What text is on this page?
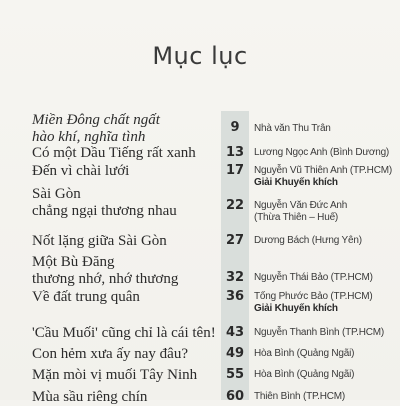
Mục lục
Miền Đông chất ngất
hào khí, nghĩa tình
9	Nhà văn Thu Trân
Có một Dầu Tiếng rất xanh	13 Lương Ngọc Anh (Bình Dương)
Đến vì chài lưới	17 Nguyễn Vũ Thiên Anh (TP.HCM)
Giải Khuyến khích
Sài Gòn
chẳng ngại thương nhau	22 Nguyễn Văn Đức Anh
(Thừa Thiên – Huế)
Nốt lặng giữa Sài Gòn	27 Dương Bách (Hưng Yên)
Một Bù Đăng
thương nhớ, nhớ thương	32 Nguyễn Thái Bảo (TP.HCM)
Về đất trung quân	36 Tống Phước Bảo (TP.HCM)
Giải Khuyến khích
'Cầu Muối' cũng chỉ là cái tên! 43 Nguyễn Thanh Bình (TP.HCM)
Con hẻm xưa ấy nay đâu?	49 Hòa Bình (Quảng Ngãi)
Mặn mòi vị muối Tây Ninh	55 Hòa Bình (Quảng Ngãi)
Mùa sầu riêng chín	60 Thiên Bình (TP.HCM)
